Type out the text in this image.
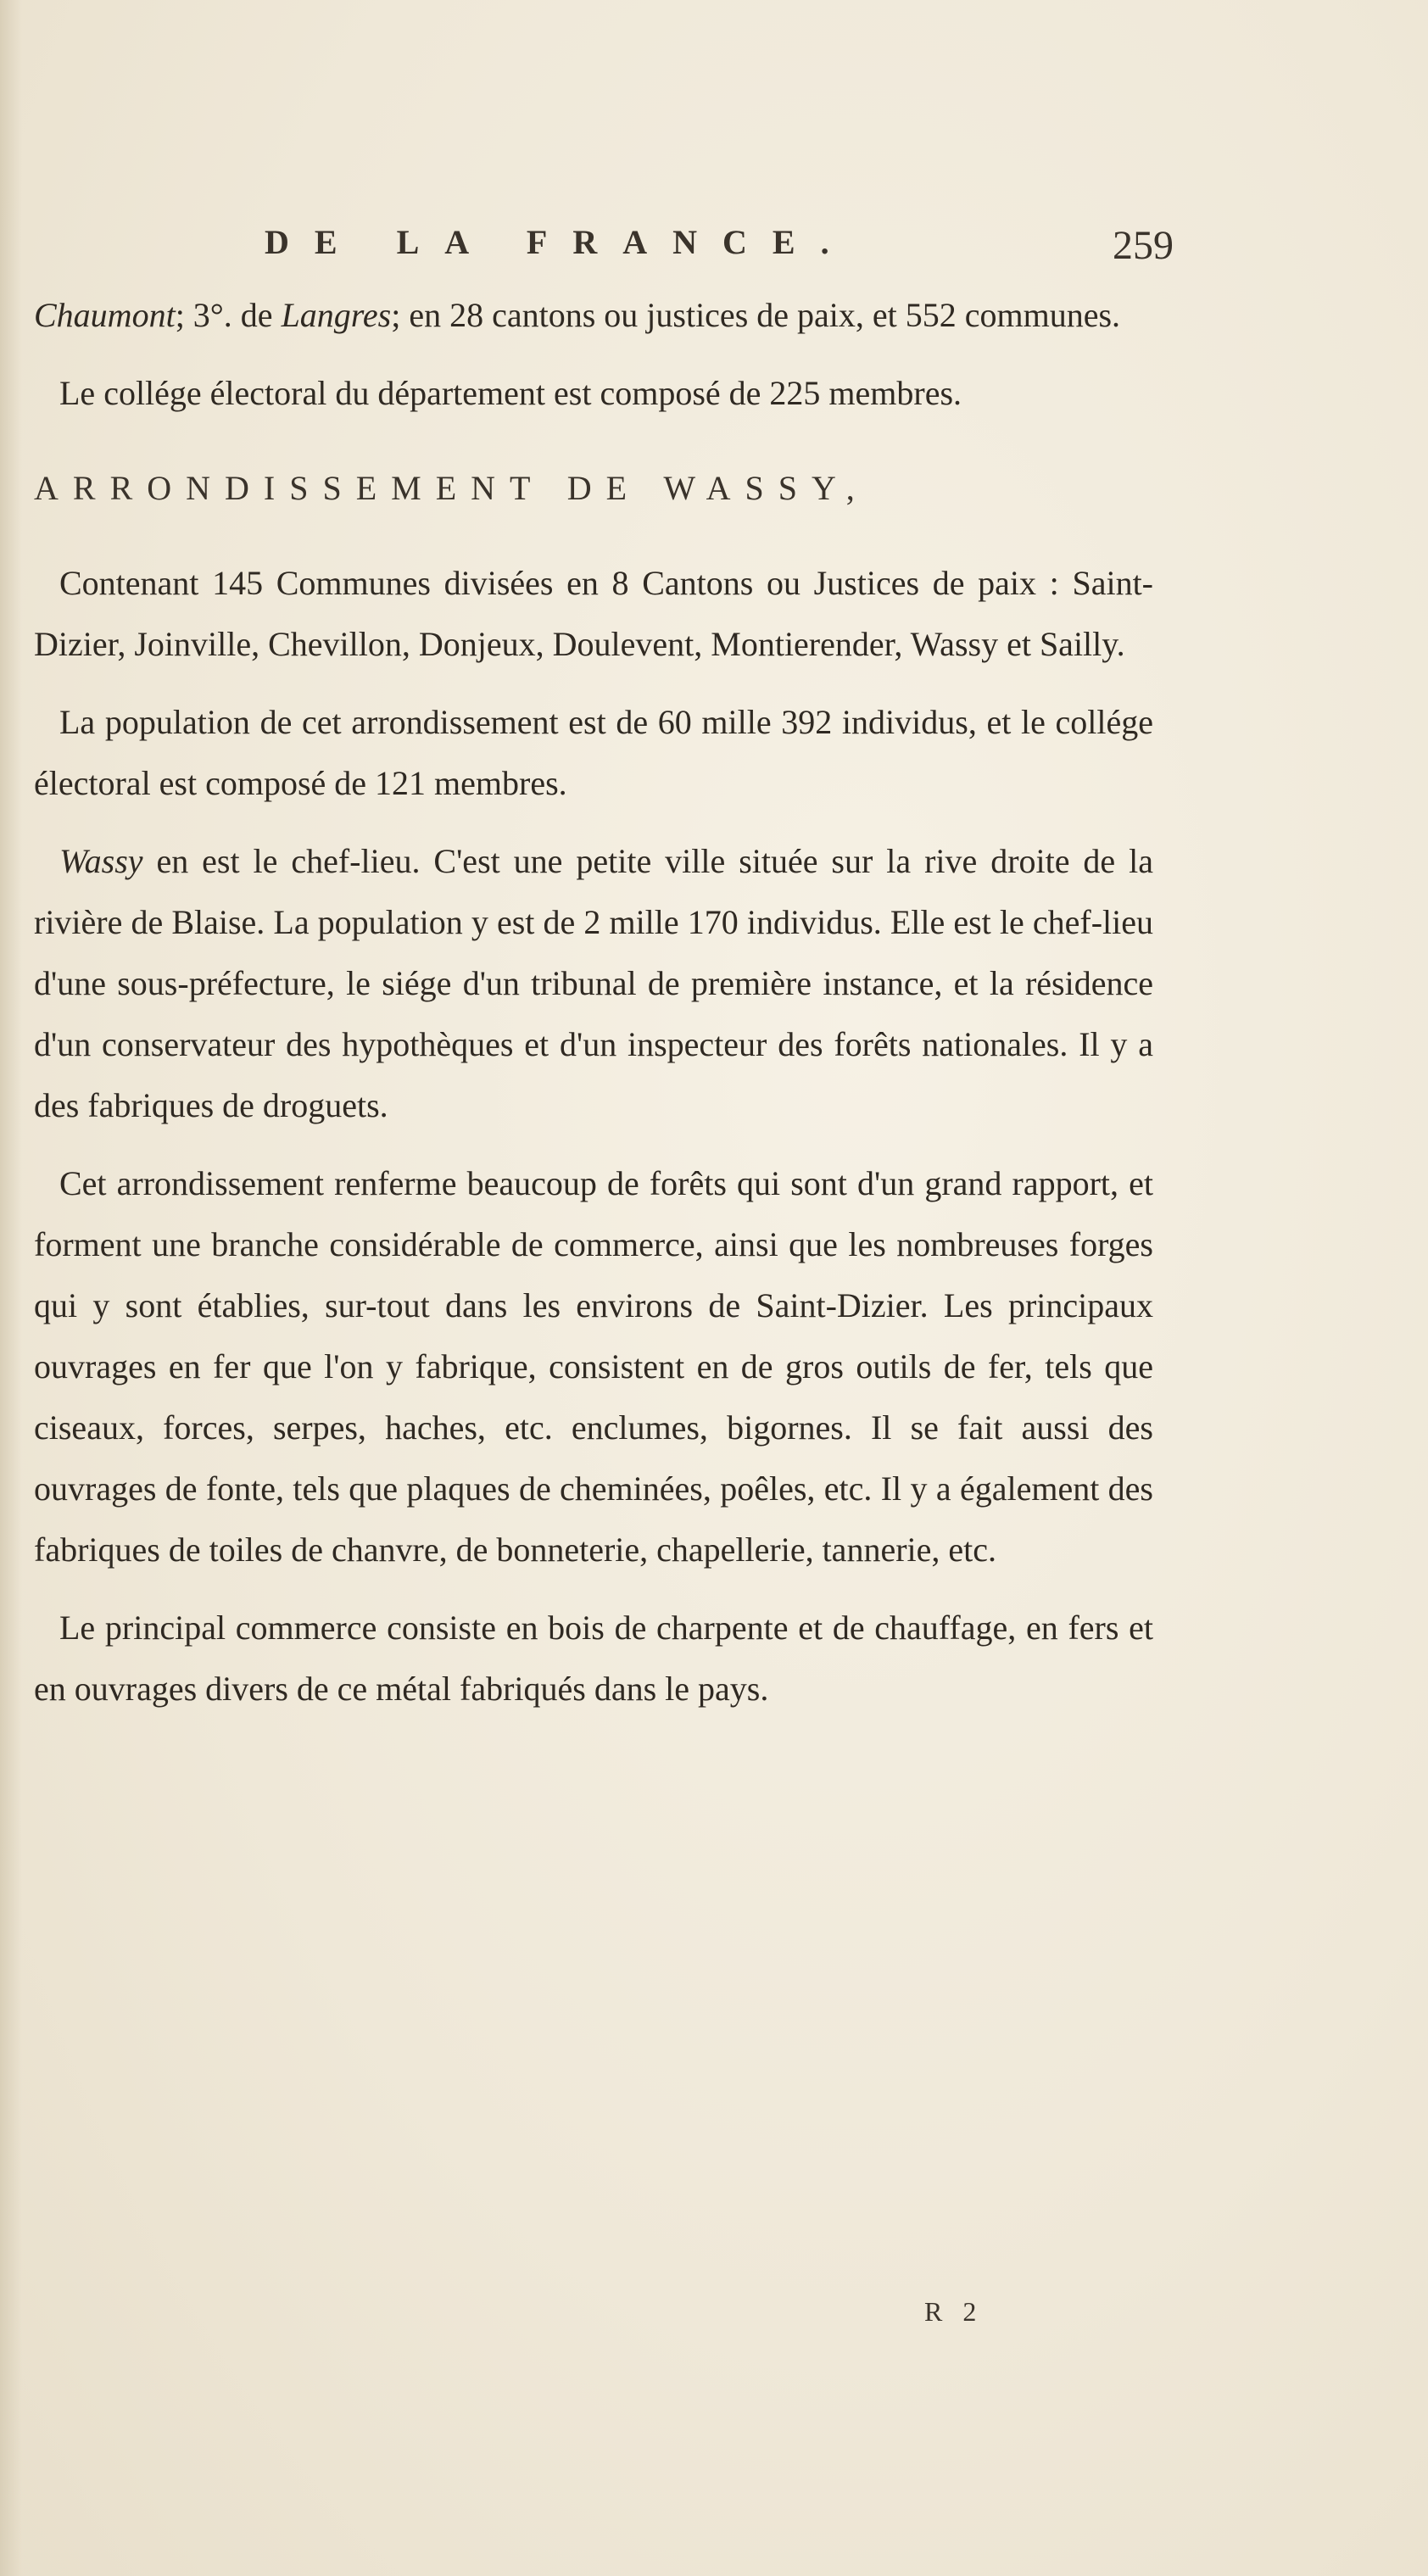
DE LA FRANCE.	259

Chaumont; 3°. de Langres; en 28 cantons ou justices de paix, et 552 communes.

Le collége électoral du département est composé de 225 membres.

ARRONDISSEMENT DE WASSY,

Contenant 145 Communes divisées en 8 Cantons ou Justices de paix : Saint-Dizier, Joinville, Chevillon, Donjeux, Doulevent, Montierender, Wassy et Sailly.

La population de cet arrondissement est de 60 mille 392 individus, et le collége électoral est composé de 121 membres.

Wassy en est le chef-lieu. C'est une petite ville située sur la rive droite de la rivière de Blaise. La population y est de 2 mille 170 individus. Elle est le chef-lieu d'une sous-préfecture, le siége d'un tribunal de première instance, et la résidence d'un conservateur des hypothèques et d'un inspecteur des forêts nationales. Il y a des fabriques de droguets.

Cet arrondissement renferme beaucoup de forêts qui sont d'un grand rapport, et forment une branche considérable de commerce, ainsi que les nombreuses forges qui y sont établies, sur-tout dans les environs de Saint-Dizier. Les principaux ouvrages en fer que l'on y fabrique, consistent en de gros outils de fer, tels que ciseaux, forces, serpes, haches, etc. enclumes, bigornes. Il se fait aussi des ouvrages de fonte, tels que plaques de cheminées, poêles, etc. Il y a également des fabriques de toiles de chanvre, de bonneterie, chapellerie, tannerie, etc.

Le principal commerce consiste en bois de charpente et de chauffage, en fers et en ouvrages divers de ce métal fabriqués dans le pays.

R 2
